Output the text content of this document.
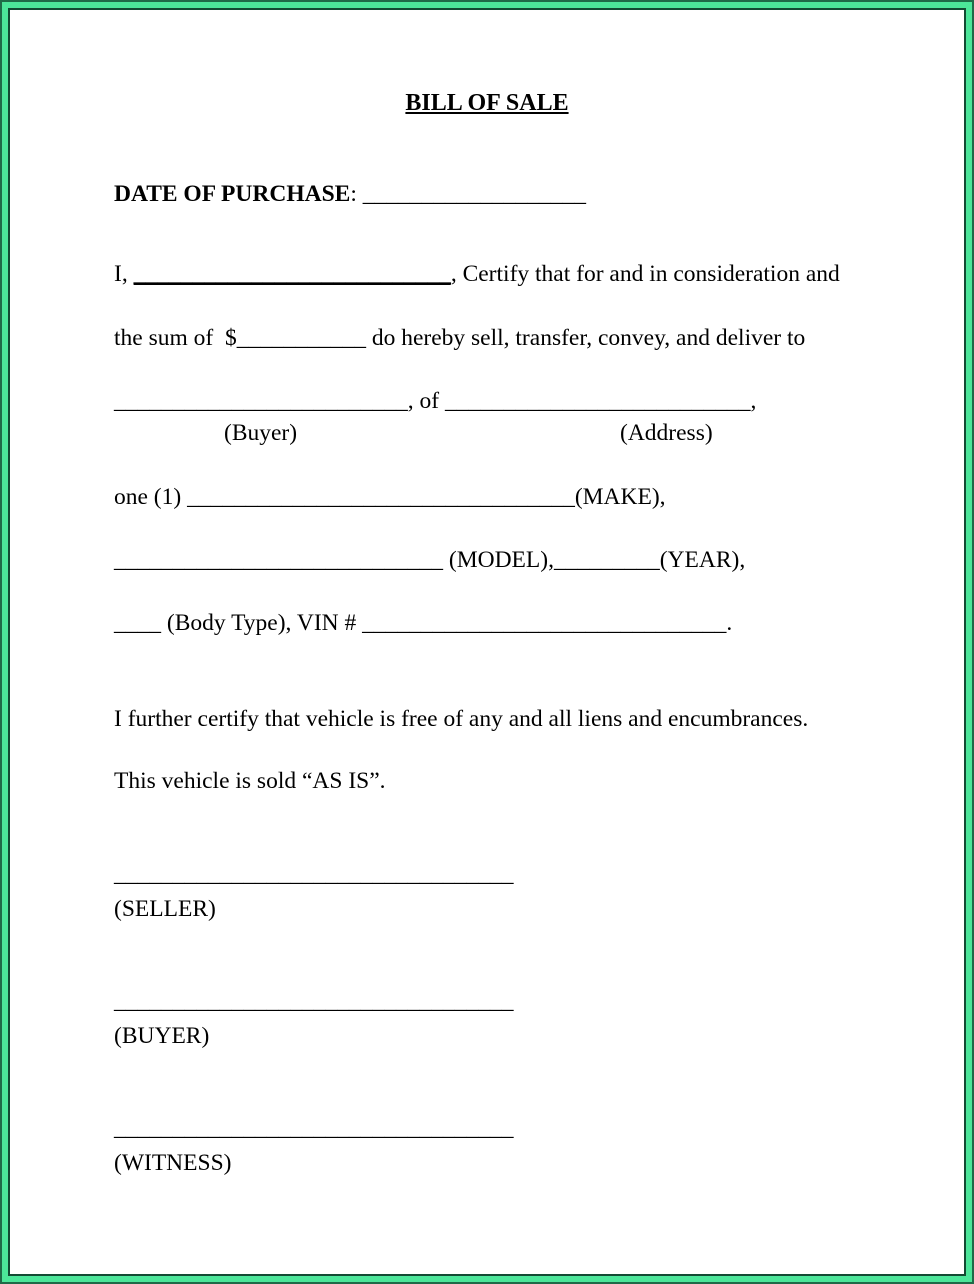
BILL OF SALE
DATE OF PURCHASE: ___________________
I, ___________________________, Certify that for and in consideration and
the sum of  $___________ do hereby sell, transfer, convey, and deliver to
_________________________, of __________________________,
(Buyer)	(Address)
one (1) _________________________________(MAKE),
____________________________ (MODEL),_________(YEAR),
____ (Body Type), VIN # _______________________________.
I further certify that vehicle is free of any and all liens and encumbrances.
This vehicle is sold “AS IS”.
__________________________________
(SELLER)
__________________________________
(BUYER)
__________________________________
(WITNESS)
